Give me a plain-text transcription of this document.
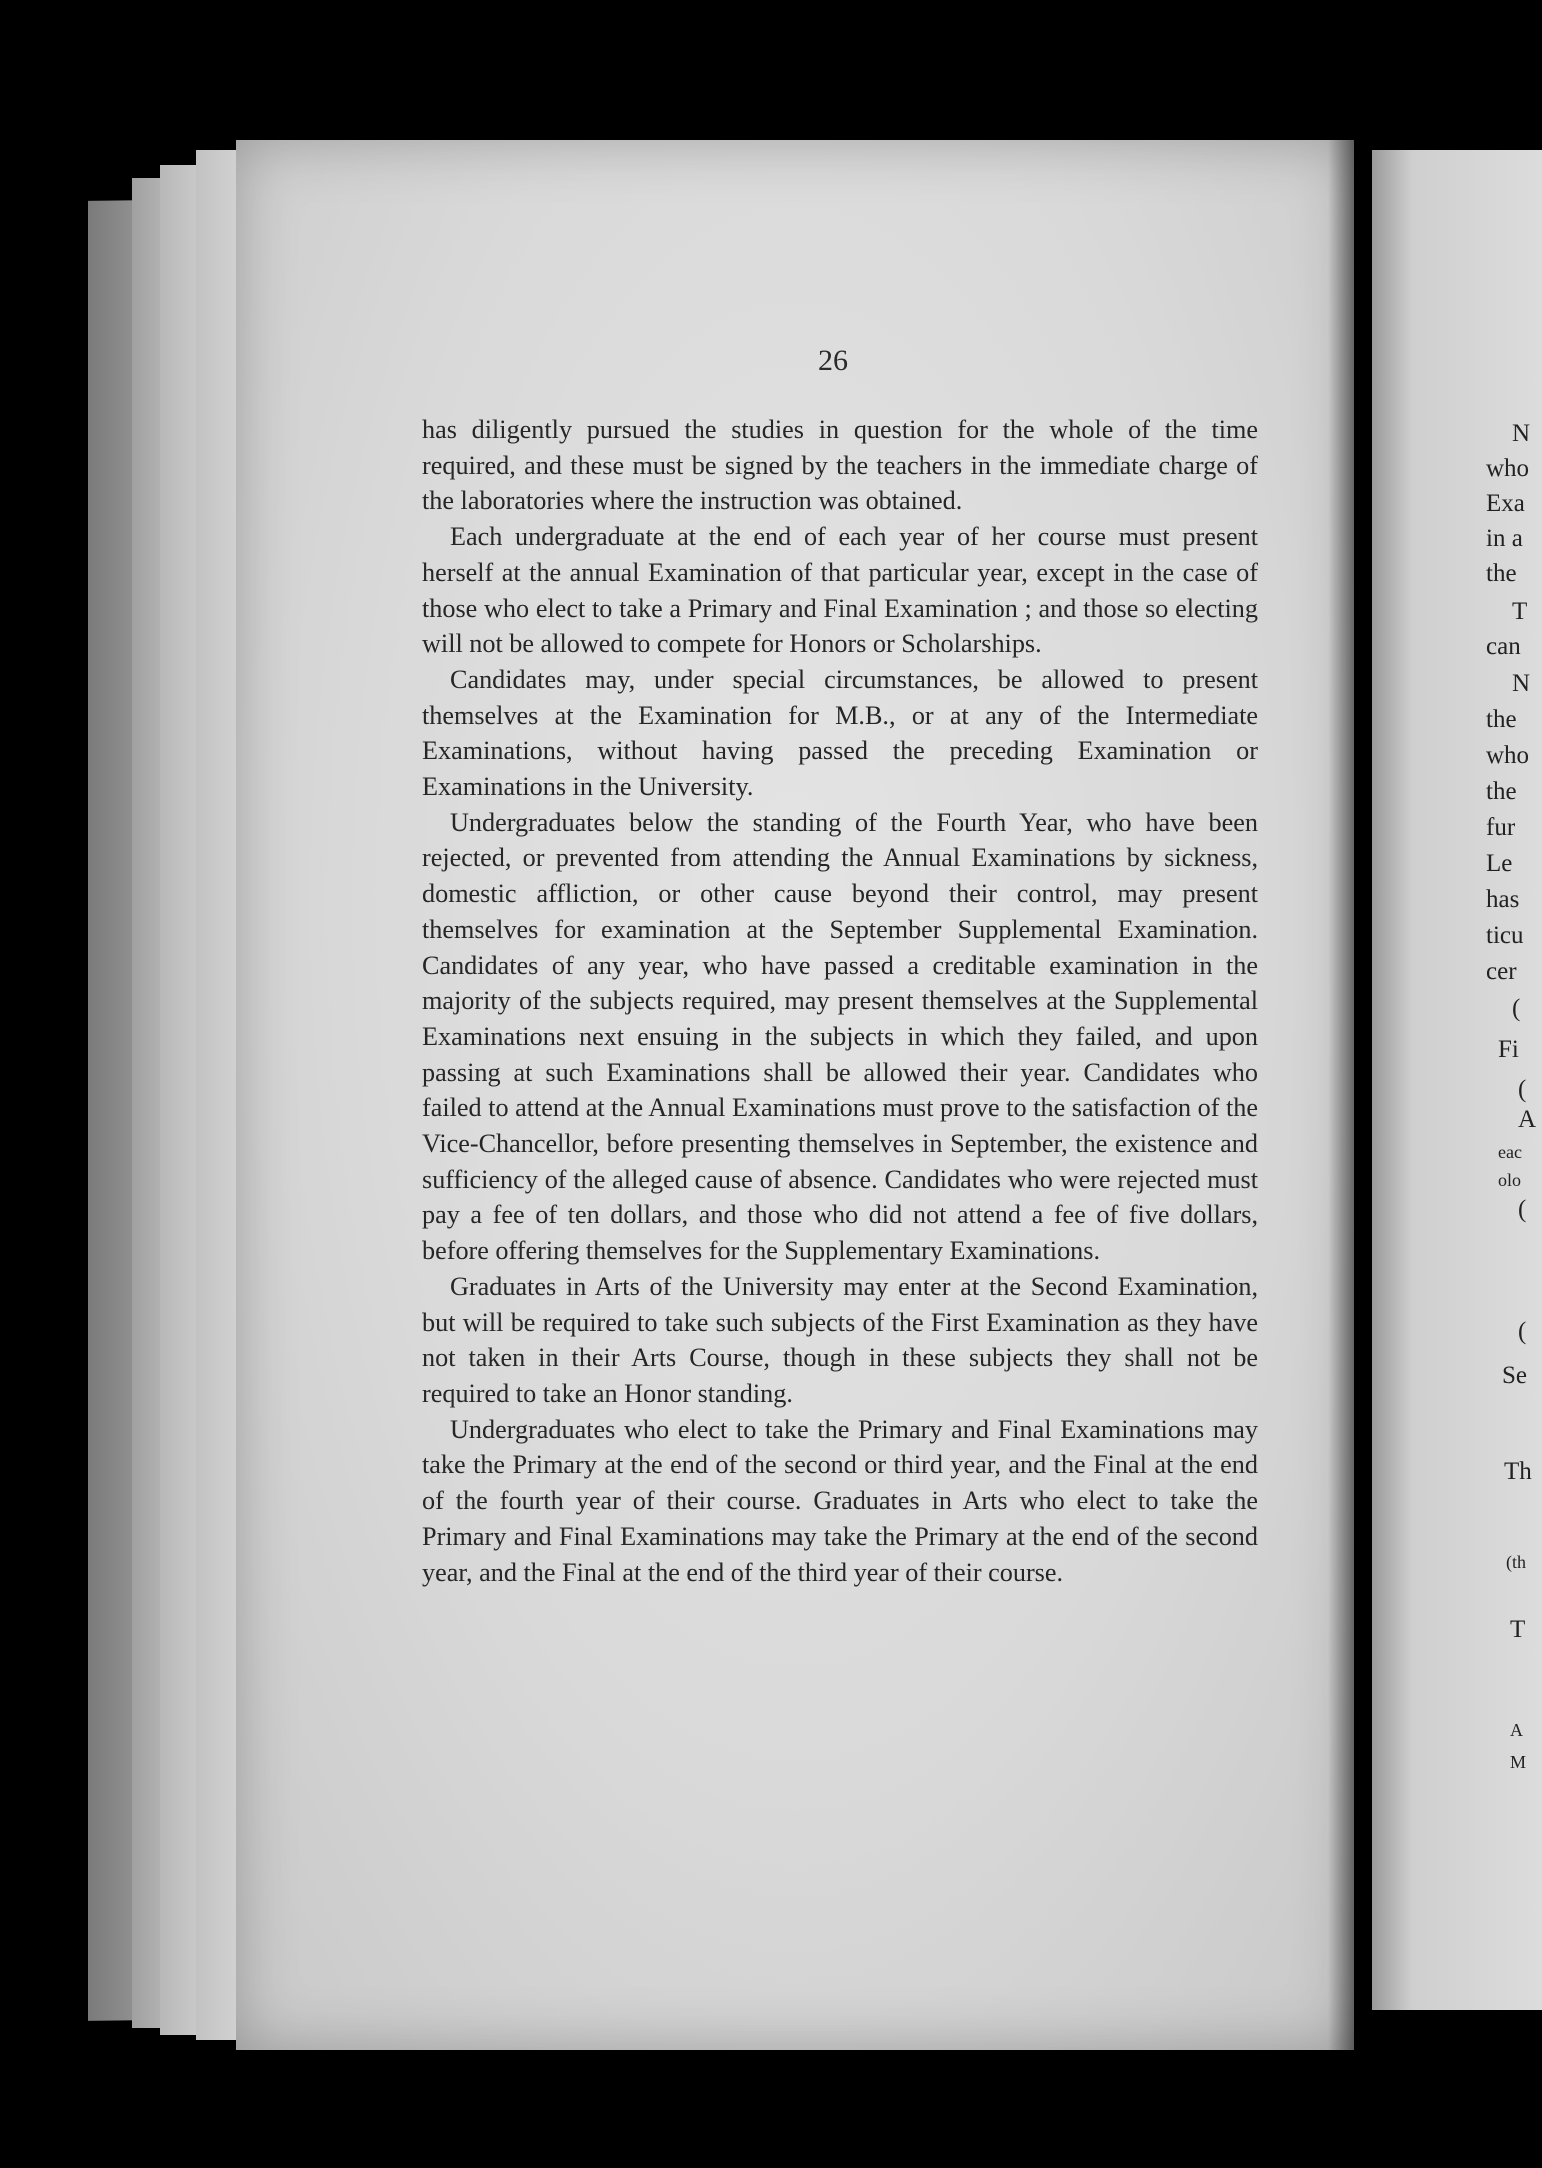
26

has diligently pursued the studies in question for the whole of the time required, and these must be signed by the teachers in the immediate charge of the laboratories where the instruction was obtained.

Each undergraduate at the end of each year of her course must present herself at the annual Examination of that particular year, except in the case of those who elect to take a Primary and Final Examination ; and those so electing will not be allowed to compete for Honors or Scholarships.

Candidates may, under special circumstances, be allowed to present themselves at the Examination for M.B., or at any of the Intermediate Examinations, without having passed the preceding Examination or Examinations in the University.

Undergraduates below the standing of the Fourth Year, who have been rejected, or prevented from attending the Annual Examinations by sickness, domestic affliction, or other cause beyond their control, may present themselves for examination at the September Supplemental Examination. Candidates of any year, who have passed a creditable examination in the majority of the subjects required, may present themselves at the Supplemental Examinations next ensuing in the subjects in which they failed, and upon passing at such Examinations shall be allowed their year. Candidates who failed to attend at the Annual Examinations must prove to the satisfaction of the Vice-Chancellor, before presenting themselves in September, the existence and sufficiency of the alleged cause of absence. Candidates who were rejected must pay a fee of ten dollars, and those who did not attend a fee of five dollars, before offering themselves for the Supplementary Examinations.

Graduates in Arts of the University may enter at the Second Examination, but will be required to take such subjects of the First Examination as they have not taken in their Arts Course, though in these subjects they shall not be required to take an Honor standing.

Undergraduates who elect to take the Primary and Final Examinations may take the Primary at the end of the second or third year, and the Final at the end of the fourth year of their course. Graduates in Arts who elect to take the Primary and Final Examinations may take the Primary at the end of the second year, and the Final at the end of the third year of their course.

N
who
Exa
in a
the
T
can
N
the
who
the
fur
Le
has
ticu
cer
(
Fi
(
A
eac
olo
(
(
Se
Th
(th
T
A
M
